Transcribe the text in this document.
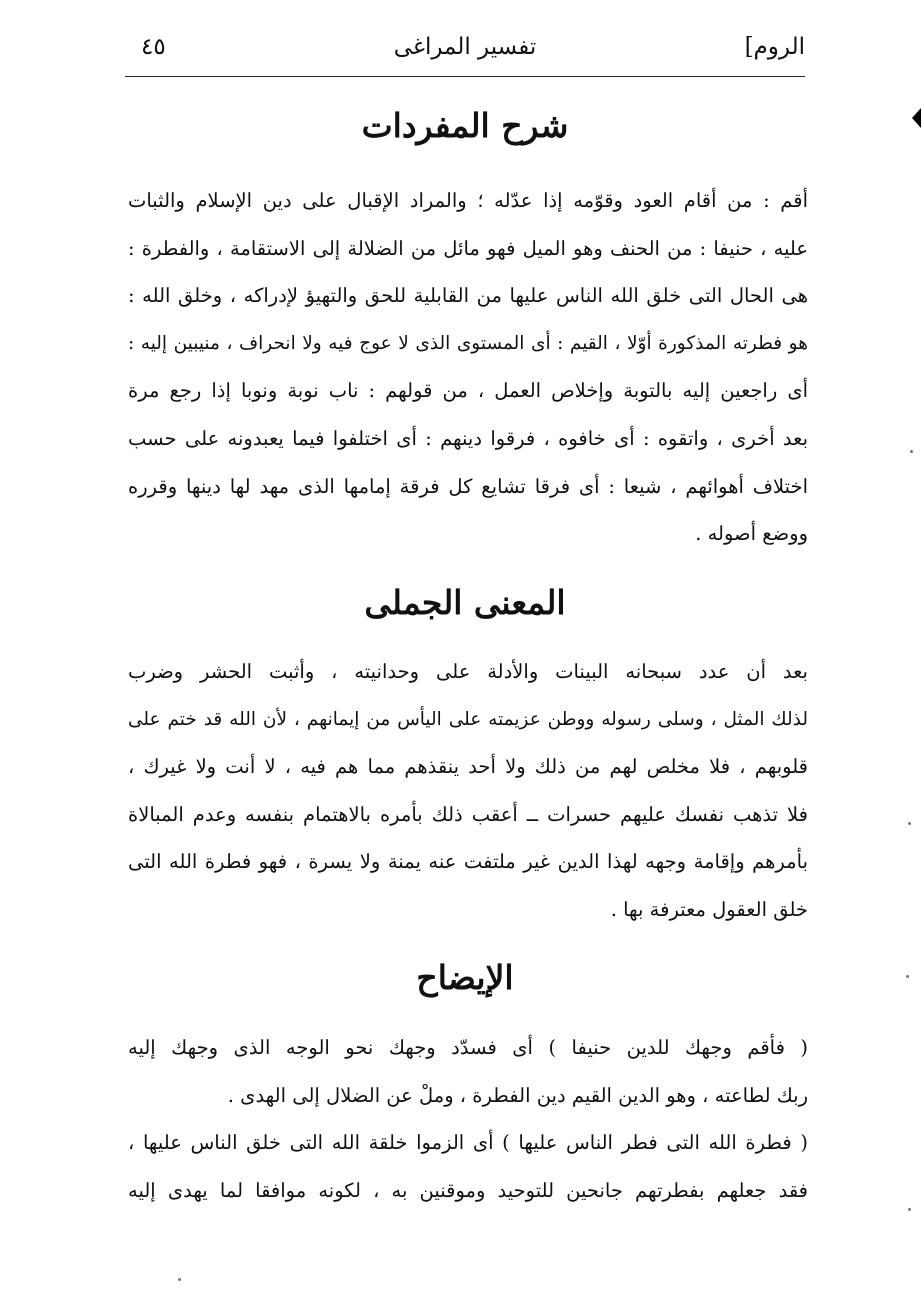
الروم]
تفسير المراغى
٤٥
شرح المفردات
أقم : من أقام العود وقوّمه إذا عدّله ؛ والمراد الإقبال على دين الإسلام والثبات
عليه ، حنيفا : من الحنف وهو الميل فهو مائل من الضلالة إلى الاستقامة ، والفطرة :
هى الحال التى خلق الله الناس عليها من القابلية للحق والتهيؤ لإدراكه ، وخلق الله :
هو فطرته المذكورة أوّلا ، القيم : أى المستوى الذى لا عوج فيه ولا انحراف ، منيبين إليه :
أى راجعين إليه بالتوبة وإخلاص العمل ، من قولهم : ناب نوبة ونوبا إذا رجع مرة
بعد أخرى ، واتقوه : أى خافوه ، فرقوا دينهم : أى اختلفوا فيما يعبدونه على حسب
اختلاف أهوائهم ، شيعا : أى فرقا تشايع كل فرقة إمامها الذى مهد لها دينها وقرره
ووضع أصوله .
المعنى الجملى
بعد أن عدد سبحانه البينات والأدلة على وحدانيته ، وأثبت الحشر وضرب
لذلك المثل ، وسلى رسوله ووطن عزيمته على اليأس من إيمانهم ، لأن الله قد ختم على
قلوبهم ، فلا مخلص لهم من ذلك ولا أحد ينقذهم مما هم فيه ، لا أنت ولا غيرك ،
فلا تذهب نفسك عليهم حسرات ــ أعقب ذلك بأمره بالاهتمام بنفسه وعدم المبالاة
بأمرهم وإقامة وجهه لهذا الدين غير ملتفت عنه يمنة ولا يسرة ، فهو فطرة الله التى
خلق العقول معترفة بها .
الإيضاح
( فأقم وجهك للدين حنيفا ) أى فسدّد وجهك نحو الوجه الذى وجهك إليه
ربك لطاعته ، وهو الدين القيم دين الفطرة ، وملْ عن الضلال إلى الهدى .
( فطرة الله التى فطر الناس عليها ) أى الزموا خلقة الله التى خلق الناس عليها ،
فقد جعلهم بفطرتهم جانحين للتوحيد وموقنين به ، لكونه موافقا لما يهدى إليه
